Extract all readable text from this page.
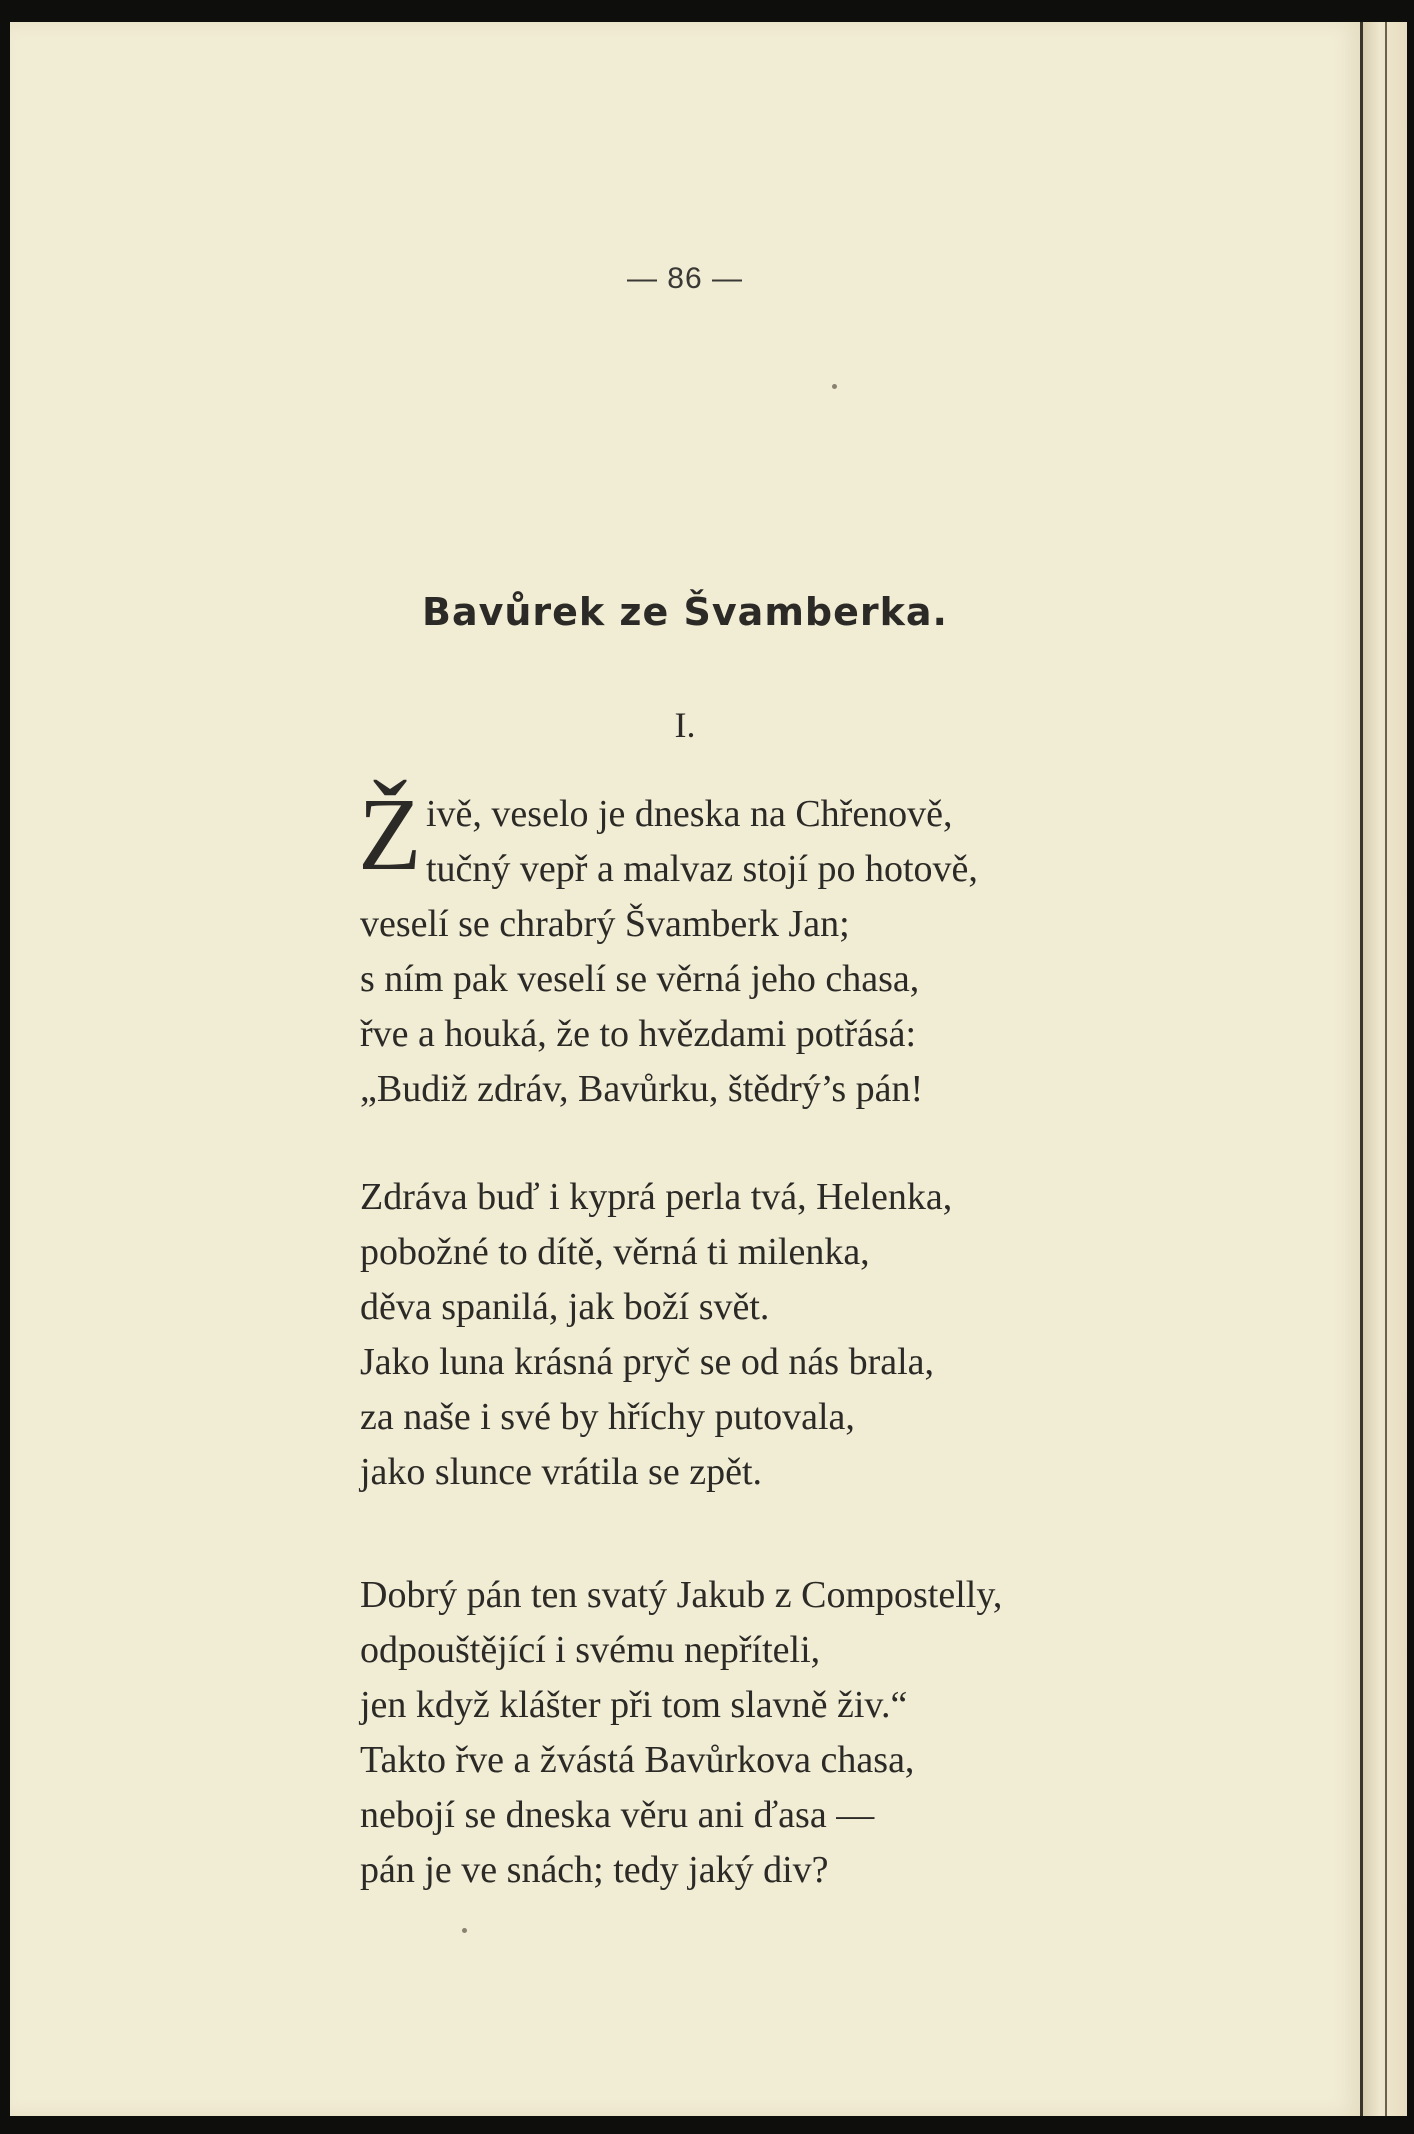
— 86 —
Bavůrek ze Švamberka.
I.
Ž ivě, veselo je dneska na Chřenově,
tučný vepř a malvaz stojí po hotově,
veselí se chrabrý Švamberk Jan;
s ním pak veselí se věrná jeho chasa,
řve a houká, že to hvězdami potřásá:
„Budiž zdráv, Bavůrku, štědrý’s pán!
Zdráva buď i kyprá perla tvá, Helenka,
pobožné to dítě, věrná ti milenka,
děva spanilá, jak boží svět.
Jako luna krásná pryč se od nás brala,
za naše i své by hříchy putovala,
jako slunce vrátila se zpět.
Dobrý pán ten svatý Jakub z Compostelly,
odpouštějící i svému nepříteli,
jen když klášter při tom slavně živ.“
Takto řve a žvástá Bavůrkova chasa,
nebojí se dneska věru ani ďasa —
pán je ve snách; tedy jaký div?
